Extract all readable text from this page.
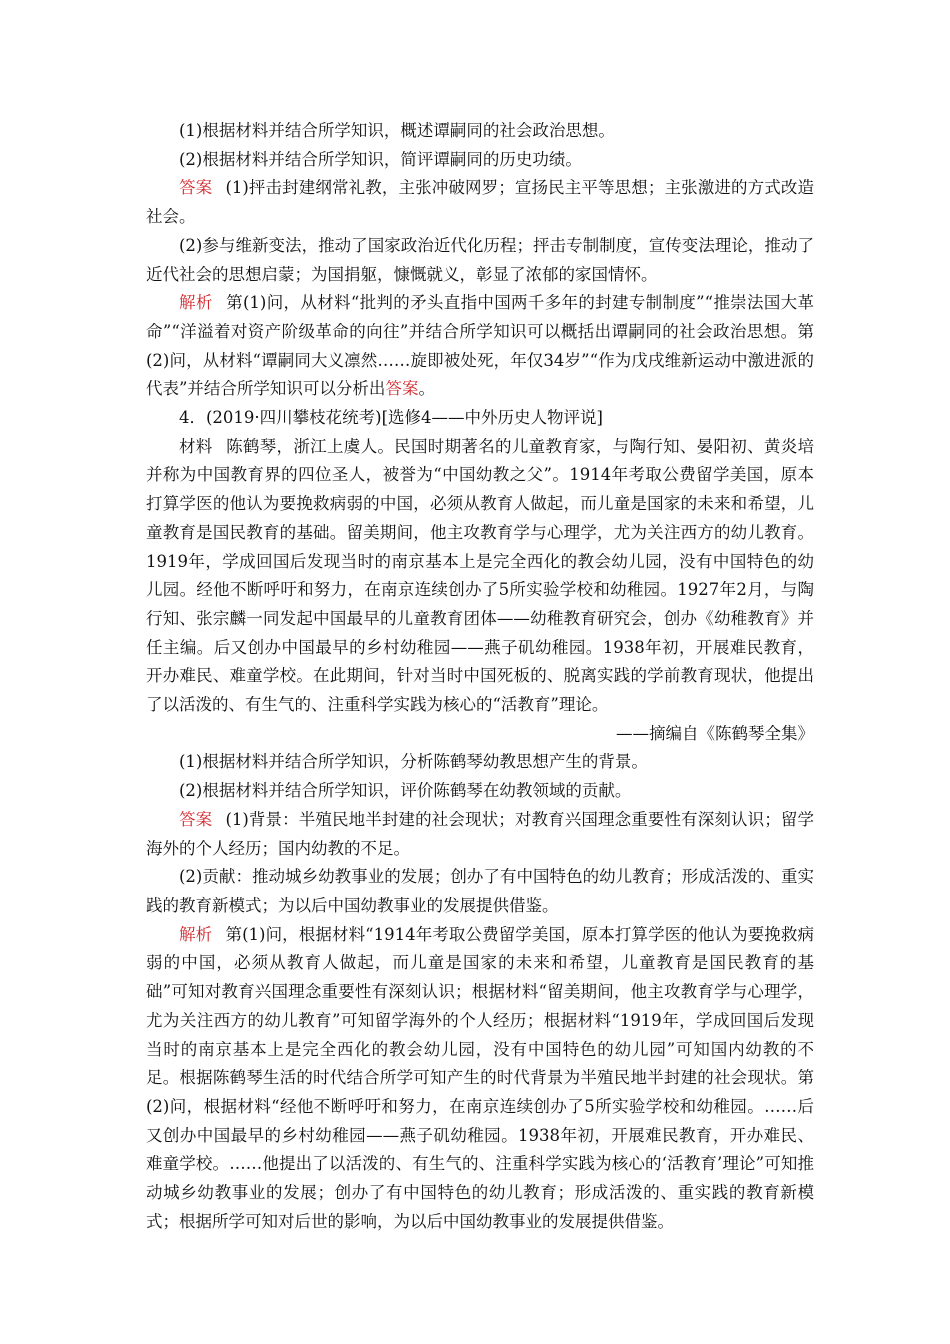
(1)根据材料并结合所学知识，概述谭嗣同的社会政治思想。

(2)根据材料并结合所学知识，简评谭嗣同的历史功绩。

答案 (1)抨击封建纲常礼教，主张冲破网罗；宣扬民主平等思想；主张激进的方式改造社会。

(2)参与维新变法，推动了国家政治近代化历程；抨击专制制度，宣传变法理论，推动了近代社会的思想启蒙；为国捐躯，慷慨就义，彰显了浓郁的家国情怀。

解析 第(1)问，从材料“批判的矛头直指中国两千多年的封建专制制度”“推崇法国大革命”“洋溢着对资产阶级革命的向往”并结合所学知识可以概括出谭嗣同的社会政治思想。第(2)问，从材料“谭嗣同大义凛然……旋即被处死，年仅34岁”“作为戊戌维新运动中激进派的代表”并结合所学知识可以分析出答案。

4．(2019·四川攀枝花统考)[选修4——中外历史人物评说]

材料 陈鹤琴，浙江上虞人。民国时期著名的儿童教育家，与陶行知、晏阳初、黄炎培并称为中国教育界的四位圣人，被誉为“中国幼教之父”。1914年考取公费留学美国，原本打算学医的他认为要挽救病弱的中国，必须从教育人做起，而儿童是国家的未来和希望，儿童教育是国民教育的基础。留美期间，他主攻教育学与心理学，尤为关注西方的幼儿教育。1919年，学成回国后发现当时的南京基本上是完全西化的教会幼儿园，没有中国特色的幼儿园。经他不断呼吁和努力，在南京连续创办了5所实验学校和幼稚园。1927年2月，与陶行知、张宗麟一同发起中国最早的儿童教育团体——幼稚教育研究会，创办《幼稚教育》并任主编。后又创办中国最早的乡村幼稚园——燕子矶幼稚园。1938年初，开展难民教育，开办难民、难童学校。在此期间，针对当时中国死板的、脱离实践的学前教育现状，他提出了以活泼的、有生气的、注重科学实践为核心的“活教育”理论。

——摘编自《陈鹤琴全集》

(1)根据材料并结合所学知识，分析陈鹤琴幼教思想产生的背景。

(2)根据材料并结合所学知识，评价陈鹤琴在幼教领域的贡献。

答案 (1)背景：半殖民地半封建的社会现状；对教育兴国理念重要性有深刻认识；留学海外的个人经历；国内幼教的不足。

(2)贡献：推动城乡幼教事业的发展；创办了有中国特色的幼儿教育；形成活泼的、重实践的教育新模式；为以后中国幼教事业的发展提供借鉴。

解析 第(1)问，根据材料“1914年考取公费留学美国，原本打算学医的他认为要挽救病弱的中国，必须从教育人做起，而儿童是国家的未来和希望，儿童教育是国民教育的基础”可知对教育兴国理念重要性有深刻认识；根据材料“留美期间，他主攻教育学与心理学，尤为关注西方的幼儿教育”可知留学海外的个人经历；根据材料“1919年，学成回国后发现当时的南京基本上是完全西化的教会幼儿园，没有中国特色的幼儿园”可知国内幼教的不足。根据陈鹤琴生活的时代结合所学可知产生的时代背景为半殖民地半封建的社会现状。第(2)问，根据材料“经他不断呼吁和努力，在南京连续创办了5所实验学校和幼稚园。……后又创办中国最早的乡村幼稚园——燕子矶幼稚园。1938年初，开展难民教育，开办难民、难童学校。……他提出了以活泼的、有生气的、注重科学实践为核心的‘活教育’理论”可知推动城乡幼教事业的发展；创办了有中国特色的幼儿教育；形成活泼的、重实践的教育新模式；根据所学可知对后世的影响，为以后中国幼教事业的发展提供借鉴。
